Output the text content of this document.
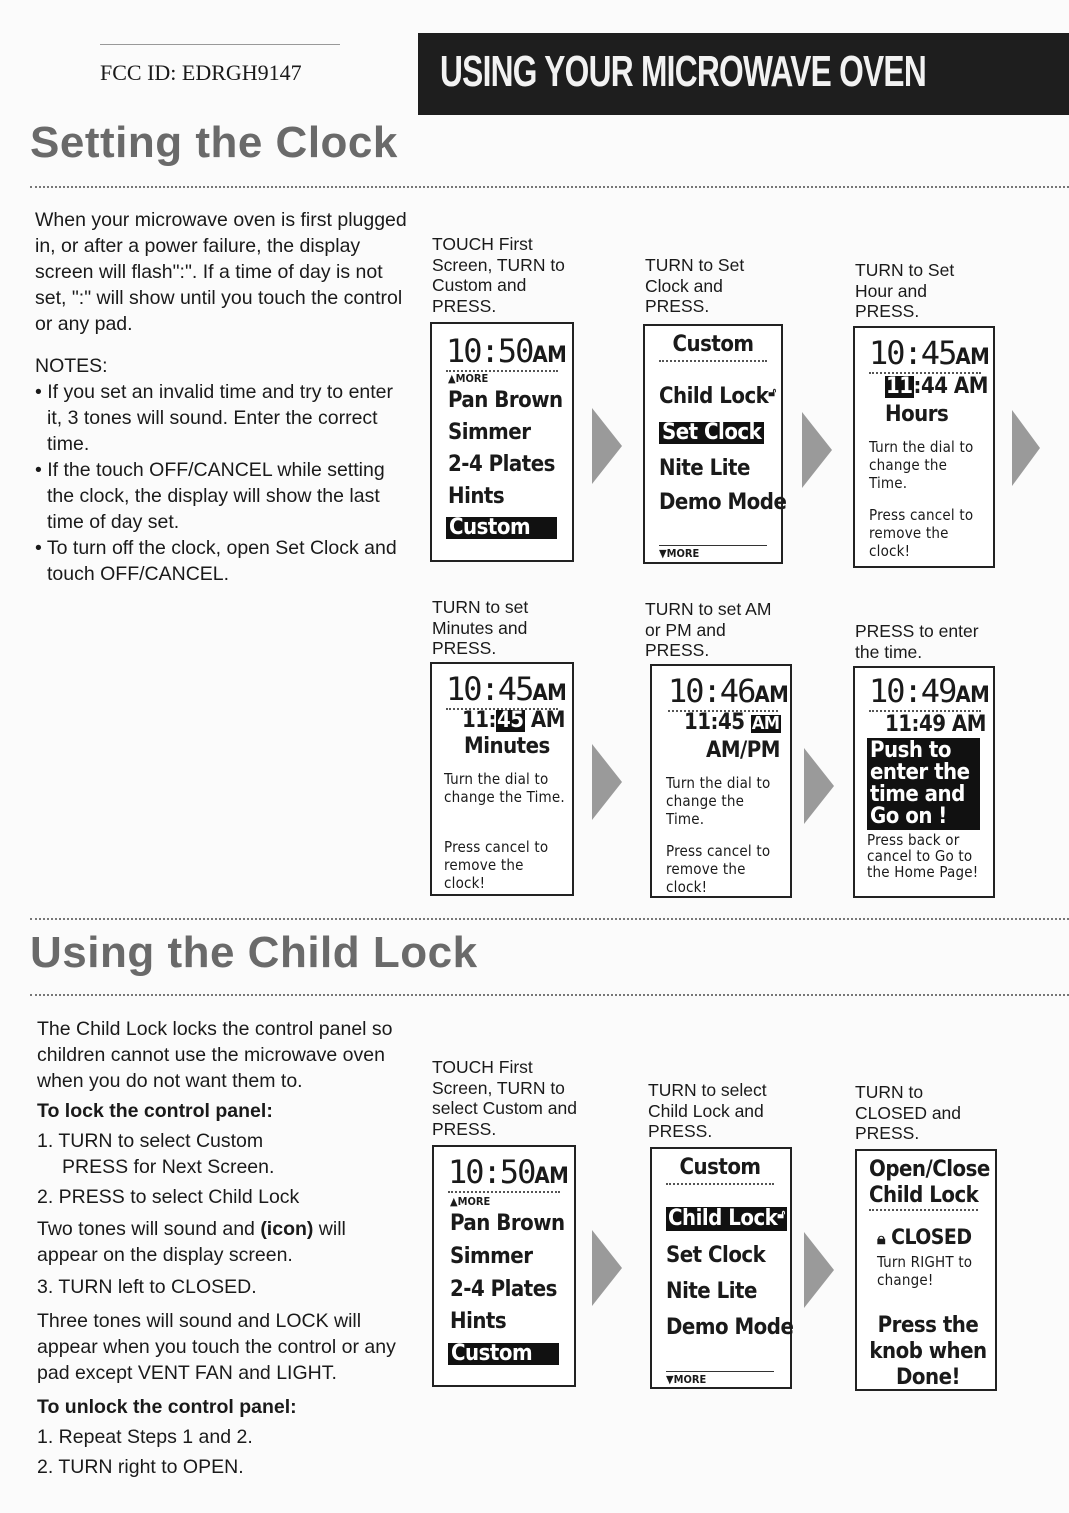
FCC ID: EDRGH9147	USING YOUR MICROWAVE OVEN
Setting the Clock

When your microwave oven is first plugged in, or after a power failure, the display screen will flash":". If a time of day is not set, ":" will show until you touch the control or any pad.

NOTES:

• If you set an invalid time and try to enter it, 3 tones will sound. Enter the correct time.
• If the touch OFF/CANCEL while setting the clock, the display will show the last time of day set.
• To turn off the clock, open Set Clock and touch OFF/CANCEL.
TOUCH First Screen, TURN to Custom and PRESS.
TURN to Set Clock and PRESS.
TURN to Set Hour and PRESS.
10:50AM
▲MORE
Pan Brown
Simmer
2-4 Plates
Hints
Custom
Custom
Child Lock🔓︎
Set Clock
Nite Lite
Demo Mode
▼MORE
10:45AM
11:44 AM
Hours
Turn the dial to change the Time.
Press cancel to remove the clock!
TURN to set Minutes and PRESS.
TURN to set AM or PM and PRESS.
PRESS to enter the time.
10:45AM
11:45 AM
Minutes
Turn the dial to change the Time.
Press cancel to remove the clock!
10:46AM
11:45 AM
AM/PM
Turn the dial to change the Time.
Press cancel to remove the clock!
10:49AM
11:49 AM
Push to
enter the
time and
Go on !
Press back or cancel to Go to the Home Page!
Using the Child Lock

The Child Lock locks the control panel so children cannot use the microwave oven when you do not want them to.

To lock the control panel:

1. TURN to select Custom

PRESS for Next Screen.

2. PRESS to select Child Lock

Two tones will sound and (icon) will appear on the display screen.

3. TURN left to CLOSED.

Three tones will sound and LOCK will appear when you touch the control or any pad except VENT FAN and LIGHT.

To unlock the control panel:

1. Repeat Steps 1 and 2.

2. TURN right to OPEN.

TOUCH First Screen, TURN to select Custom and PRESS.
TURN to select Child Lock and PRESS.
TURN to CLOSED and PRESS.
10:50AM
▲MORE
Pan Brown
Simmer
2-4 Plates
Hints
Custom
Custom
Child Lock🔓︎
Set Clock
Nite Lite
Demo Mode
▼MORE
Open/Close
Child Lock
🔒︎ CLOSED
Turn RIGHT to change!
Press the
knob when
Done!
